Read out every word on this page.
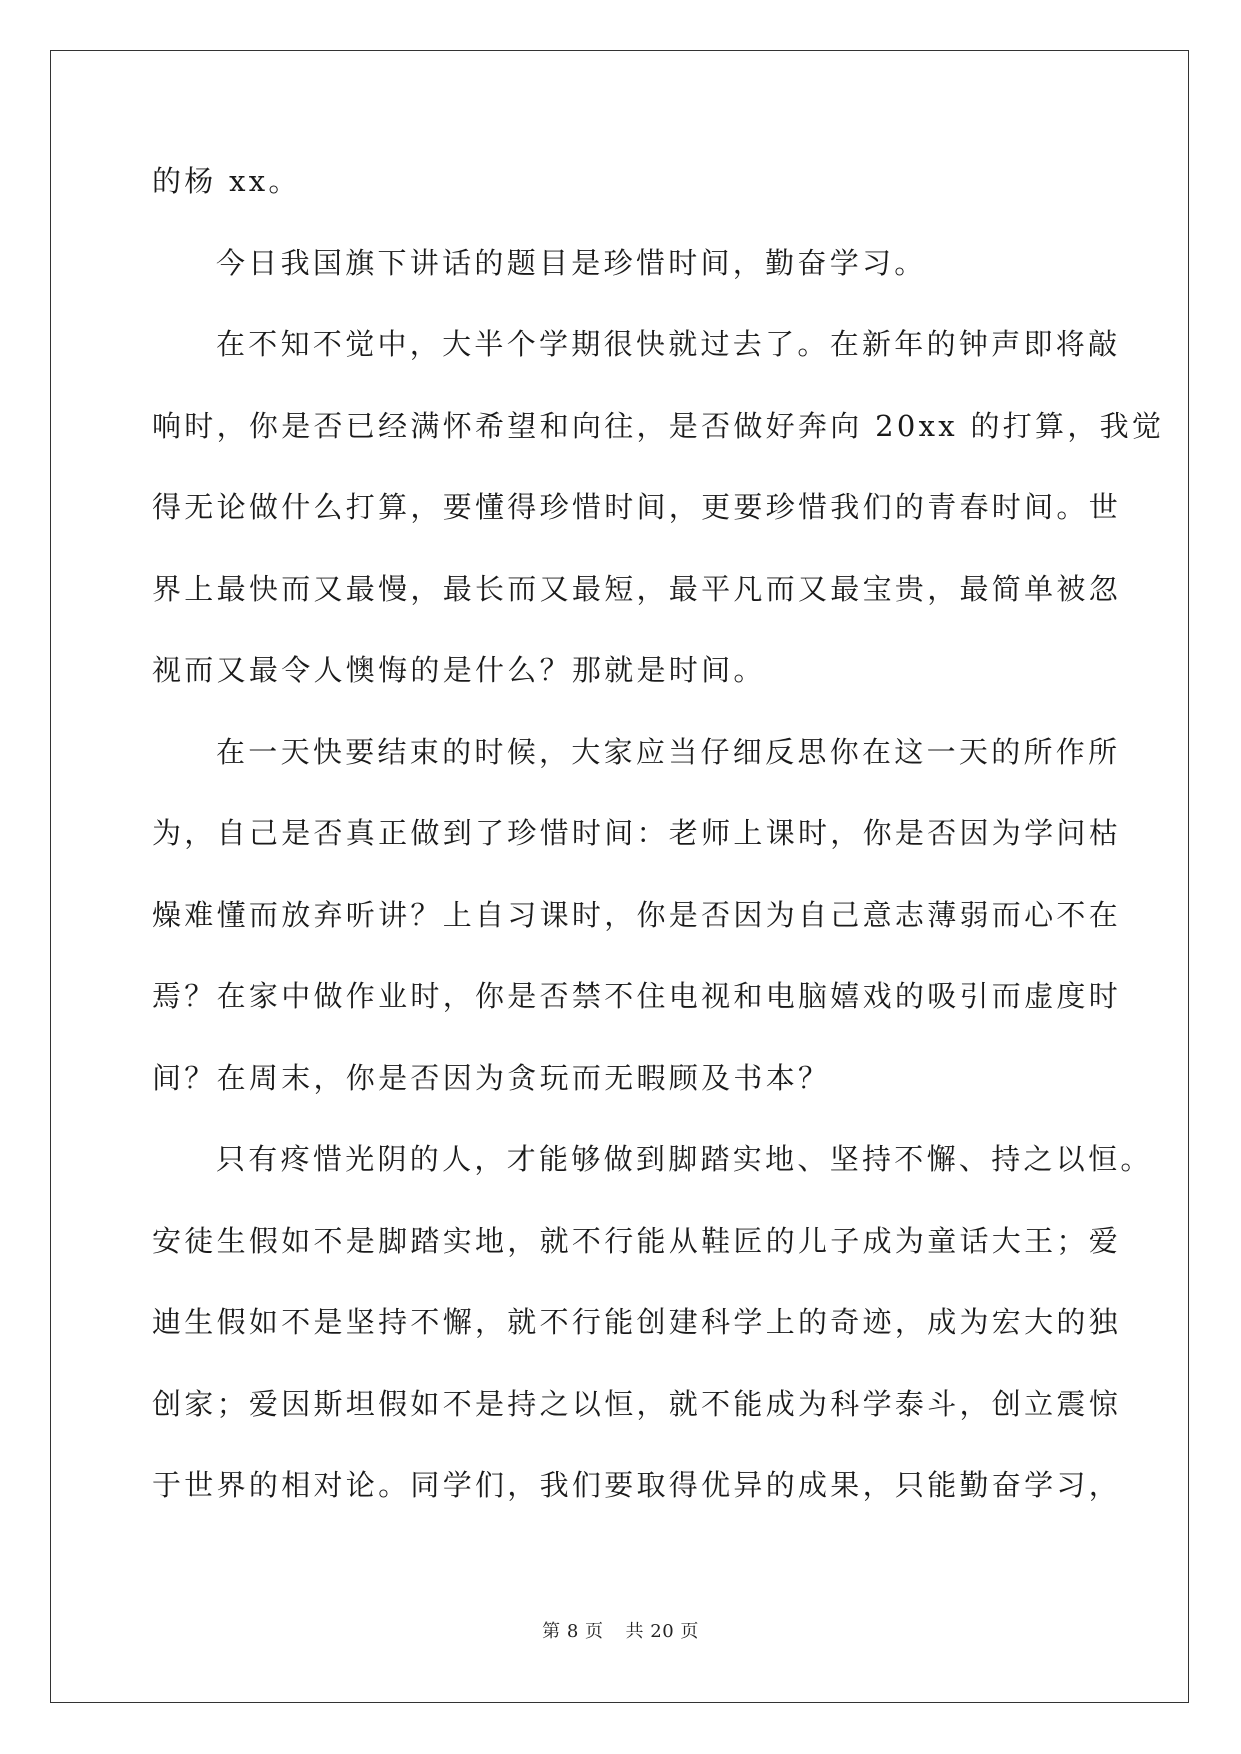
的杨 xx。
今日我国旗下讲话的题目是珍惜时间，勤奋学习。
在不知不觉中，大半个学期很快就过去了。在新年的钟声即将敲
响时，你是否已经满怀希望和向往，是否做好奔向 20xx 的打算，我觉
得无论做什么打算，要懂得珍惜时间，更要珍惜我们的青春时间。世
界上最快而又最慢，最长而又最短，最平凡而又最宝贵，最简单被忽
视而又最令人懊悔的是什么？那就是时间。
在一天快要结束的时候，大家应当仔细反思你在这一天的所作所
为，自己是否真正做到了珍惜时间：老师上课时，你是否因为学问枯
燥难懂而放弃听讲？上自习课时，你是否因为自己意志薄弱而心不在
焉？在家中做作业时，你是否禁不住电视和电脑嬉戏的吸引而虚度时
间？在周末，你是否因为贪玩而无暇顾及书本？
只有疼惜光阴的人，才能够做到脚踏实地、坚持不懈、持之以恒。
安徒生假如不是脚踏实地，就不行能从鞋匠的儿子成为童话大王；爱
迪生假如不是坚持不懈，就不行能创建科学上的奇迹，成为宏大的独
创家；爱因斯坦假如不是持之以恒，就不能成为科学泰斗，创立震惊
于世界的相对论。同学们，我们要取得优异的成果，只能勤奋学习，
第 8 页 共 20 页
